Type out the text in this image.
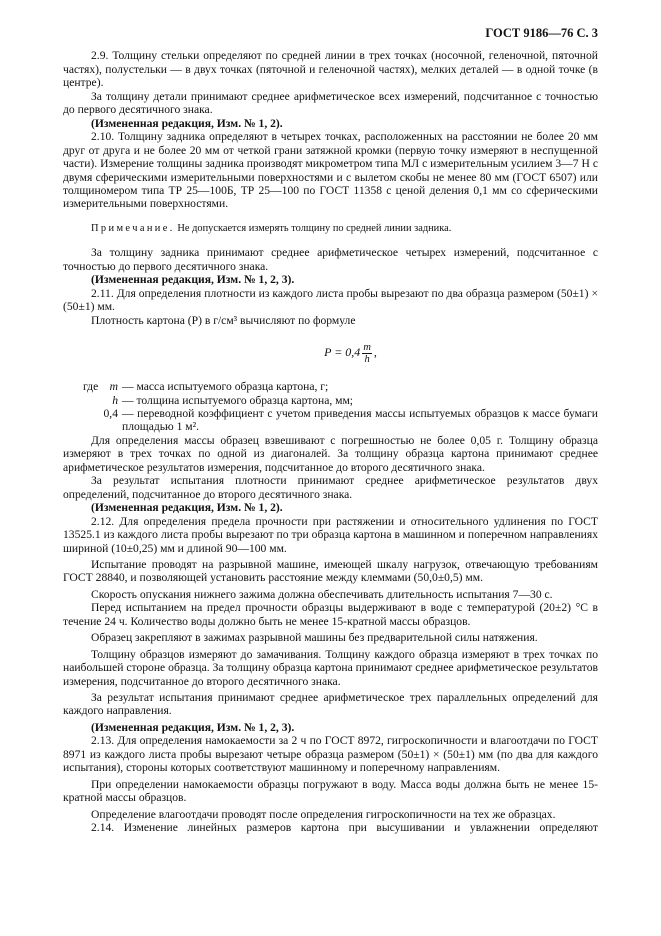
ГОСТ 9186—76 С. 3

2.9. Толщину стельки определяют по средней линии в трех точках (носочной, геленочной, пяточной частях), полустельки — в двух точках (пяточной и геленочной частях), мелких деталей — в одной точке (в центре).

За толщину детали принимают среднее арифметическое всех измерений, подсчитанное с точностью до первого десятичного знака.

(Измененная редакция, Изм. № 1, 2).

2.10. Толщину задника определяют в четырех точках, расположенных на расстоянии не более 20 мм друг от друга и не более 20 мм от четкой грани затяжной кромки (первую точку измеряют в неспущенной части). Измерение толщины задника производят микрометром типа МЛ с измерительным усилием 3—7 Н с двумя сферическими измерительными поверхностями и с вылетом скобы не менее 80 мм (ГОСТ 6507) или толщиномером типа ТР 25—100Б, ТР 25—100 по ГОСТ 11358 с ценой деления 0,1 мм со сферическими измерительными поверхностями.

Примечание. Не допускается измерять толщину по средней линии задника.

За толщину задника принимают среднее арифметическое четырех измерений, подсчитанное с точностью до первого десятичного знака.

(Измененная редакция, Изм. № 1, 2, 3).

2.11. Для определения плотности из каждого листа пробы вырезают по два образца размером (50±1) × (50±1) мм.

Плотность картона (P) в г/см³ вычисляют по формуле

$P = 0,4 \frac{m}{h}$ ,
где m — масса испытуемого образца картона, г;
h — толщина испытуемого образца картона, мм;
0,4 — переводной коэффициент с учетом приведения массы испытуемых образцов к массе бумаги площадью 1 м².

Для определения массы образец взвешивают с погрешностью не более 0,05 г. Толщину образца измеряют в трех точках по одной из диагоналей. За толщину образца картона принимают среднее арифметическое результатов измерения, подсчитанное до второго десятичного знака.

За результат испытания плотности принимают среднее арифметическое результатов двух определений, подсчитанное до второго десятичного знака.

(Измененная редакция, Изм. № 1, 2).

2.12. Для определения предела прочности при растяжении и относительного удлинения по ГОСТ 13525.1 из каждого листа пробы вырезают по три образца картона в машинном и поперечном направлениях шириной (10±0,25) мм и длиной 90—100 мм.

Испытание проводят на разрывной машине, имеющей шкалу нагрузок, отвечающую требованиям ГОСТ 28840, и позволяющей установить расстояние между клеммами (50,0±0,5) мм.

Скорость опускания нижнего зажима должна обеспечивать длительность испытания 7—30 с.

Перед испытанием на предел прочности образцы выдерживают в воде с температурой (20±2) °С в течение 24 ч. Количество воды должно быть не менее 15-кратной массы образцов.

Образец закрепляют в зажимах разрывной машины без предварительной силы натяжения.

Толщину образцов измеряют до замачивания. Толщину каждого образца измеряют в трех точках по наибольшей стороне образца. За толщину образца картона принимают среднее арифметическое результатов измерения, подсчитанное до второго десятичного знака.

За результат испытания принимают среднее арифметическое трех параллельных определений для каждого направления.

(Измененная редакция, Изм. № 1, 2, 3).

2.13. Для определения намокаемости за 2 ч по ГОСТ 8972, гигроскопичности и влагоотдачи по ГОСТ 8971 из каждого листа пробы вырезают четыре образца размером (50±1) × (50±1) мм (по два для каждого испытания), стороны которых соответствуют машинному и поперечному направлениям.

При определении намокаемости образцы погружают в воду. Масса воды должна быть не менее 15-кратной массы образцов.

Определение влагоотдачи проводят после определения гигроскопичности на тех же образцах.

2.14. Изменение линейных размеров картона при высушивании и увлажнении определяют
